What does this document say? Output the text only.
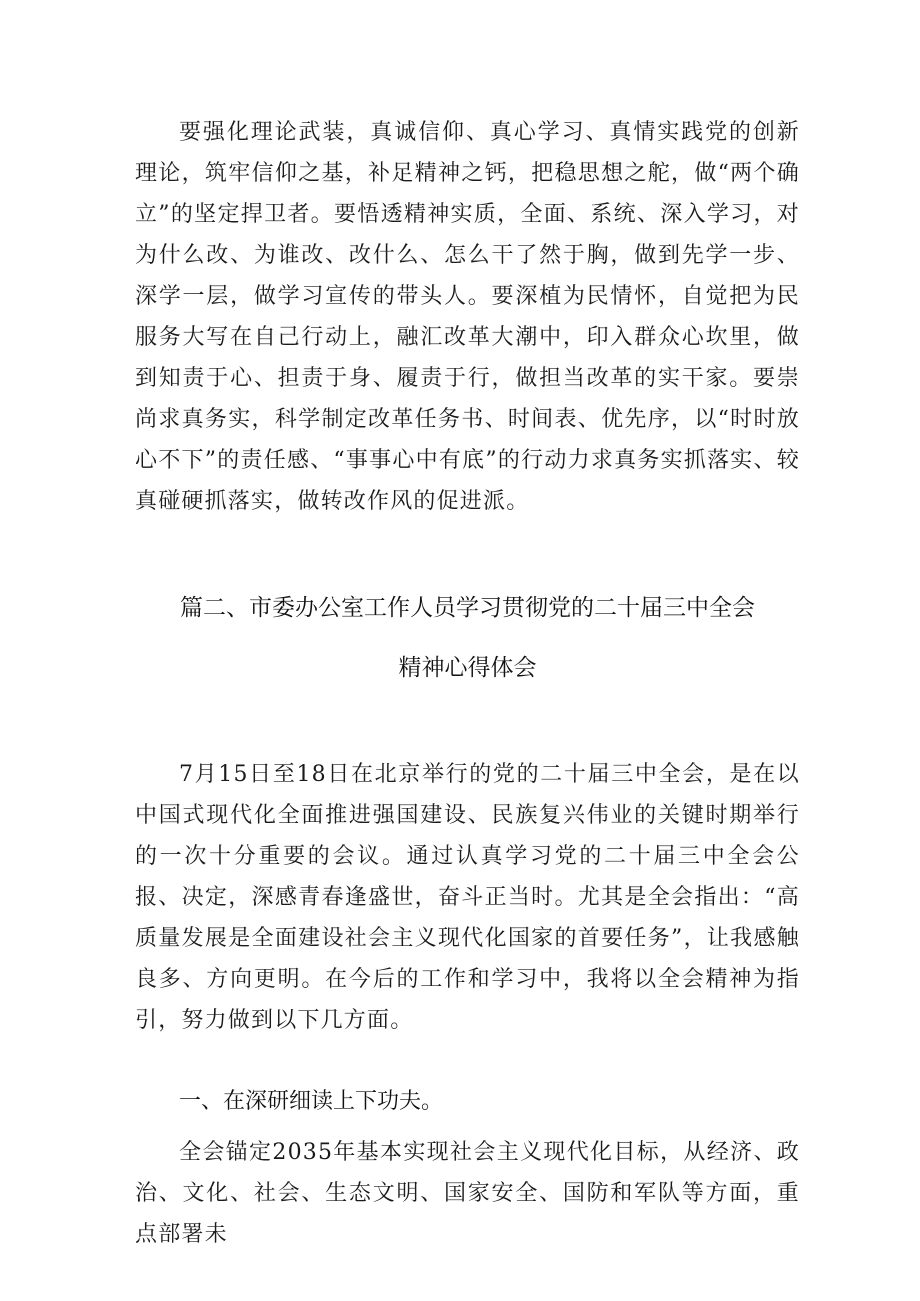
要强化理论武装，真诚信仰、真心学习、真情实践党的创新理论，筑牢信仰之基，补足精神之钙，把稳思想之舵，做“两个确立”的坚定捍卫者。要悟透精神实质，全面、系统、深入学习，对为什么改、为谁改、改什么、怎么干了然于胸，做到先学一步、深学一层，做学习宣传的带头人。要深植为民情怀，自觉把为民服务大写在自己行动上，融汇改革大潮中，印入群众心坎里，做到知责于心、担责于身、履责于行，做担当改革的实干家。要崇尚求真务实，科学制定改革任务书、时间表、优先序，以“时时放心不下”的责任感、“事事心中有底”的行动力求真务实抓落实、较真碰硬抓落实，做转改作风的促进派。

篇二、市委办公室工作人员学习贯彻党的二十届三中全会

精神心得体会

7月15日至18日在北京举行的党的二十届三中全会，是在以中国式现代化全面推进强国建设、民族复兴伟业的关键时期举行的一次十分重要的会议。通过认真学习党的二十届三中全会公报、决定，深感青春逢盛世，奋斗正当时。尤其是全会指出：“高质量发展是全面建设社会主义现代化国家的首要任务”，让我感触良多、方向更明。在今后的工作和学习中，我将以全会精神为指引，努力做到以下几方面。

一、在深研细读上下功夫。

全会锚定2035年基本实现社会主义现代化目标，从经济、政治、文化、社会、生态文明、国家安全、国防和军队等方面，重点部署未
